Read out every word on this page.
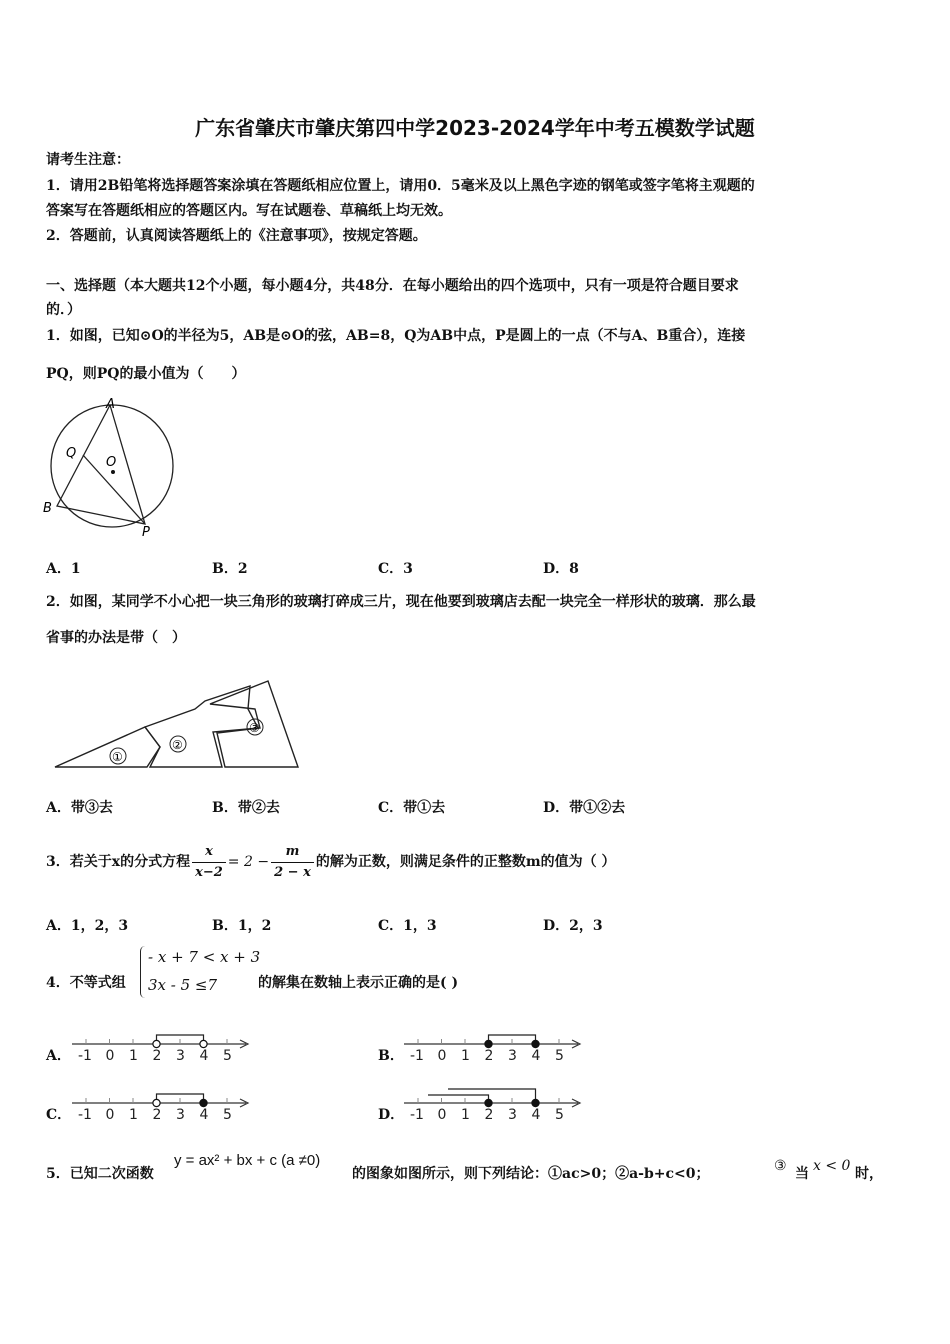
广东省肇庆市肇庆第四中学2023-2024学年中考五模数学试题
请考生注意：
1．请用2B铅笔将选择题答案涂填在答题纸相应位置上，请用0．5毫米及以上黑色字迹的钢笔或签字笔将主观题的
答案写在答题纸相应的答题区内。写在试题卷、草稿纸上均无效。
2．答题前，认真阅读答题纸上的《注意事项》，按规定答题。
一、选择题（本大题共12个小题，每小题4分，共48分．在每小题给出的四个选项中，只有一项是符合题目要求
的．）
1．如图，已知⊙O的半径为5，AB是⊙O的弦，AB=8，Q为AB中点，P是圆上的一点（不与A、B重合），连接
PQ，则PQ的最小值为（　　）
A
Q
O
B
P
A．1	B．2	C．3	D．8
2．如图，某同学不小心把一块三角形的玻璃打碎成三片，现在他要到玻璃店去配一块完全一样形状的玻璃．那么最
省事的办法是带（　）
①
②
③
A．带③去	B．带②去	C．带①去	D．带①②去
3．若关于x的分式方程 $\frac{x}{x-2} = 2 - \frac{m}{2 - x}$ 的解为正数，则满足条件的正整数m的值为（ ）
A．1，2，3	B．1，2	C．1，3	D．2，3
4．不等式组
- x + 7 < x + 3
3x - 5 ≤7	的解集在数轴上表示正确的是( )
A． -1 0 1 2 3 4 5	B． -1 0 1 2 3 4 5
C． -1 0 1 2 3 4 5	D． -1 0 1 2 3 4 5
5．已知二次函数
y = ax² + bx + c (a ≠0)
的图象如图所示，则下列结论：①ac>0；②a-b+c<0；	③ 当 x < 0 时，
